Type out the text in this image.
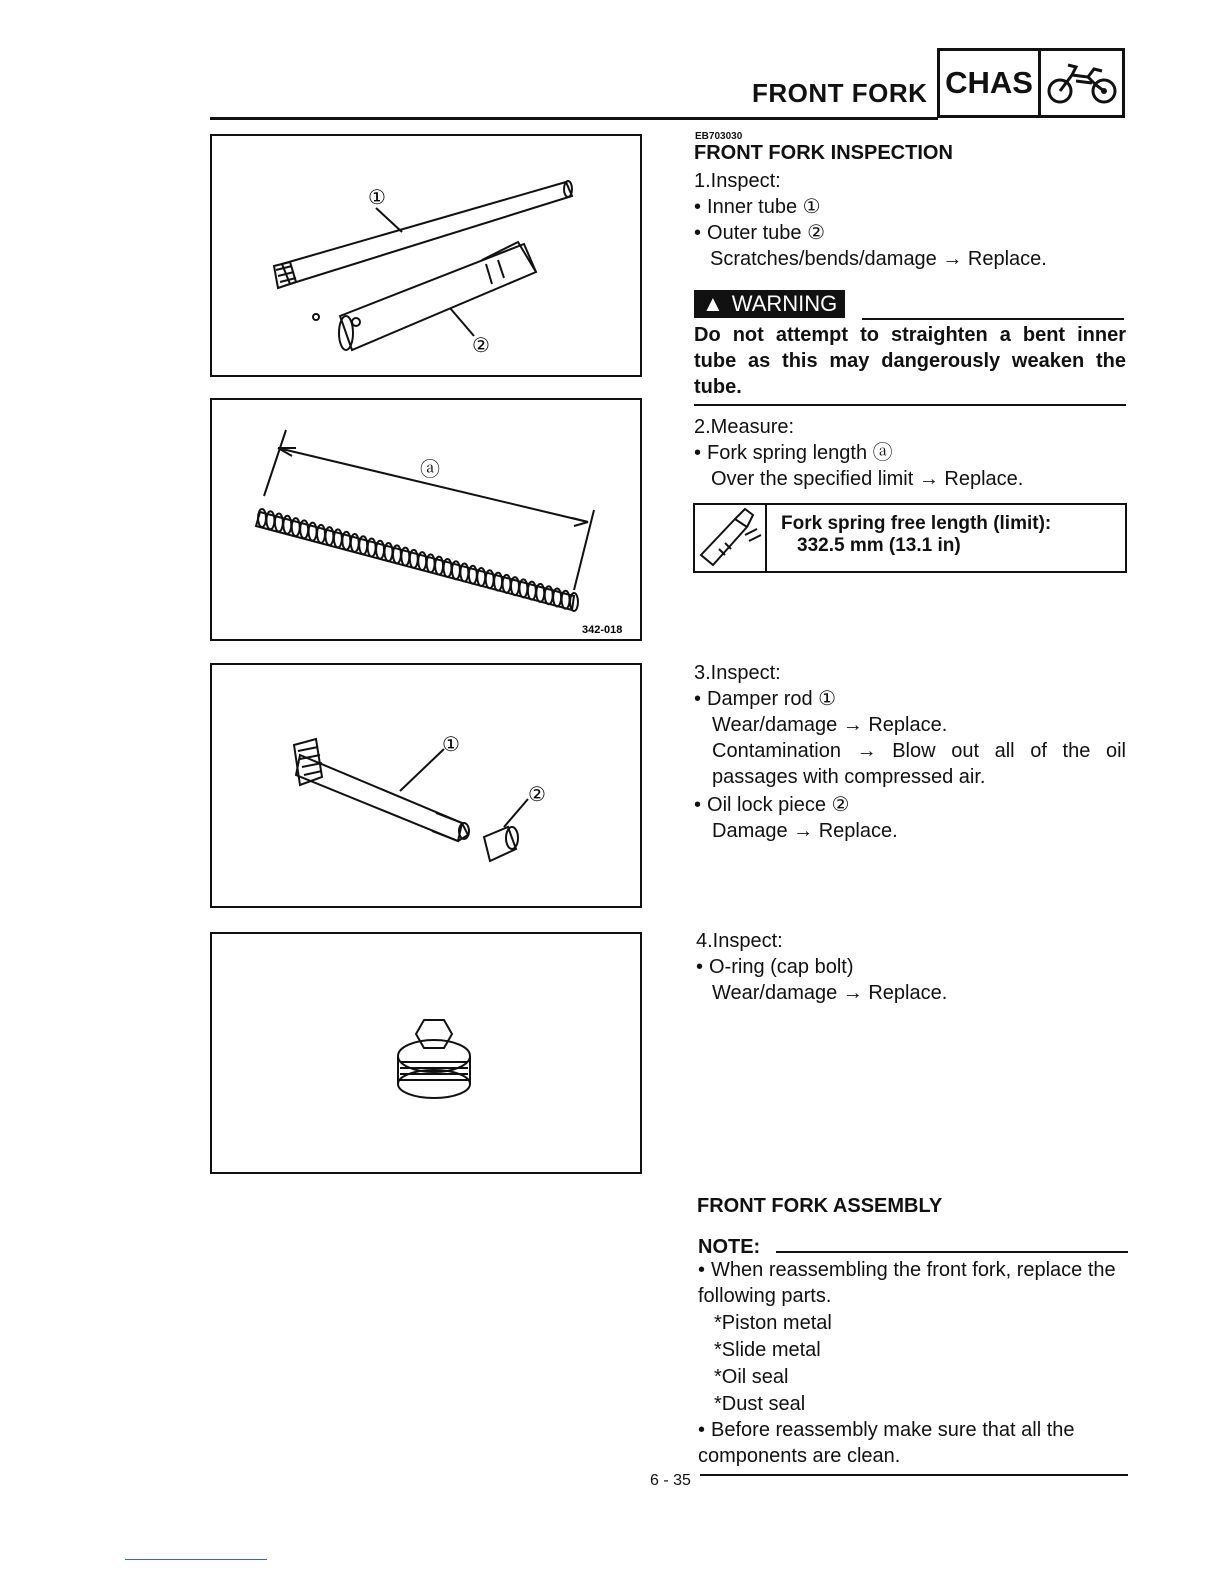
FRONT FORK CHAS
①
②
ⓐ
342-018
①
②
EB703030
FRONT FORK INSPECTION
1.Inspect:
• Inner tube ①
• Outer tube ②
Scratches/bends/damage → Replace.
▲ WARNING
Do not attempt to straighten a bent inner tube as this may dangerously weaken the tube.
2.Measure:
• Fork spring length ⓐ
Over the specified limit → Replace.
Fork spring free length (limit):
332.5 mm (13.1 in)
3.Inspect:
• Damper rod ①
Wear/damage → Replace.
Contamination → Blow out all of the oil passages with compressed air.
• Oil lock piece ②
Damage → Replace.
4.Inspect:
• O-ring (cap bolt)
Wear/damage → Replace.
FRONT FORK ASSEMBLY
NOTE:
• When reassembling the front fork, replace the following parts.
*Piston metal
*Slide metal
*Oil seal
*Dust seal
• Before reassembly make sure that all the components are clean.
6 - 35
